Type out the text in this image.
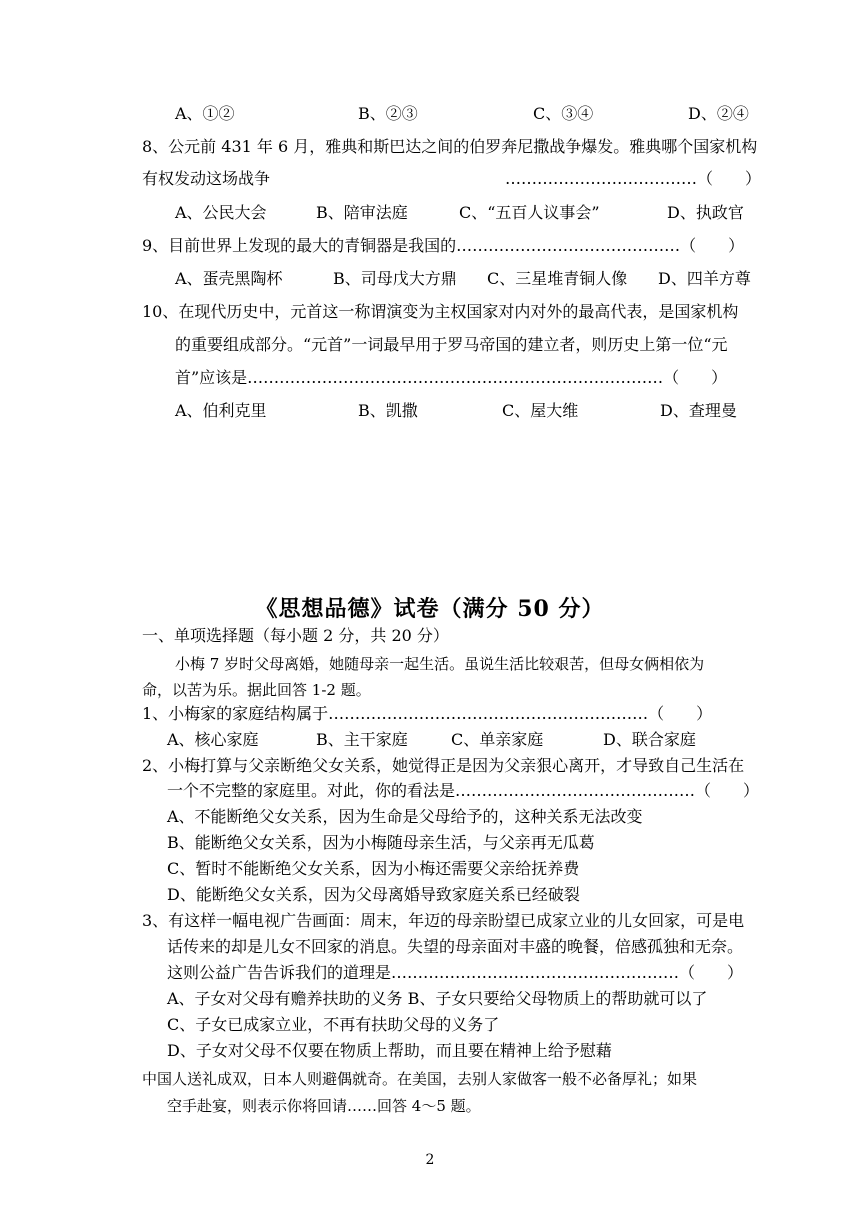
A、①②	B、②③	C、③④	D、②④
8、公元前 431 年 6 月，雅典和斯巴达之间的伯罗奔尼撒战争爆发。雅典哪个国家机构
有权发动这场战争	………………………………（　　）
A、公民大会	B、陪审法庭	C、“五百人议事会”	D、执政官
9、目前世界上发现的最大的青铜器是我国的……………………………………（　　）
A、蛋壳黑陶杯	B、司母戊大方鼎 C、三星堆青铜人像 D、四羊方尊
10、在现代历史中，元首这一称谓演变为主权国家对内对外的最高代表，是国家机构
的重要组成部分。“元首”一词最早用于罗马帝国的建立者，则历史上第一位“元
首”应该是……………………………………………………………………（　　）
A、伯利克里	B、凯撒	C、屋大维	D、查理曼
《思想品德》试卷（满分 50 分）
一、单项选择题（每小题 2 分，共 20 分）
小梅 7 岁时父母离婚，她随母亲一起生活。虽说生活比较艰苦，但母女俩相依为
命，以苦为乐。据此回答 1-2 题。
1、小梅家的家庭结构属于……………………………………………………（　　）
A、核心家庭	B、主干家庭	C、单亲家庭	D、联合家庭
2、小梅打算与父亲断绝父女关系，她觉得正是因为父亲狠心离开，才导致自己生活在
一个不完整的家庭里。对此，你的看法是………………………………………（　　）
A、不能断绝父女关系，因为生命是父母给予的，这种关系无法改变
B、能断绝父女关系，因为小梅随母亲生活，与父亲再无瓜葛
C、暂时不能断绝父女关系，因为小梅还需要父亲给抚养费
D、能断绝父女关系，因为父母离婚导致家庭关系已经破裂
3、有这样一幅电视广告画面：周末，年迈的母亲盼望已成家立业的儿女回家，可是电
话传来的却是儿女不回家的消息。失望的母亲面对丰盛的晚餐，倍感孤独和无奈。
这则公益广告告诉我们的道理是………………………………………………（　　）
A、子女对父母有赡养扶助的义务 B、子女只要给父母物质上的帮助就可以了
C、子女已成家立业，不再有扶助父母的义务了
D、子女对父母不仅要在物质上帮助，而且要在精神上给予慰藉
中国人送礼成双，日本人则避偶就奇。在美国，去别人家做客一般不必备厚礼；如果
空手赴宴，则表示你将回请……回答 4～5 题。
2
